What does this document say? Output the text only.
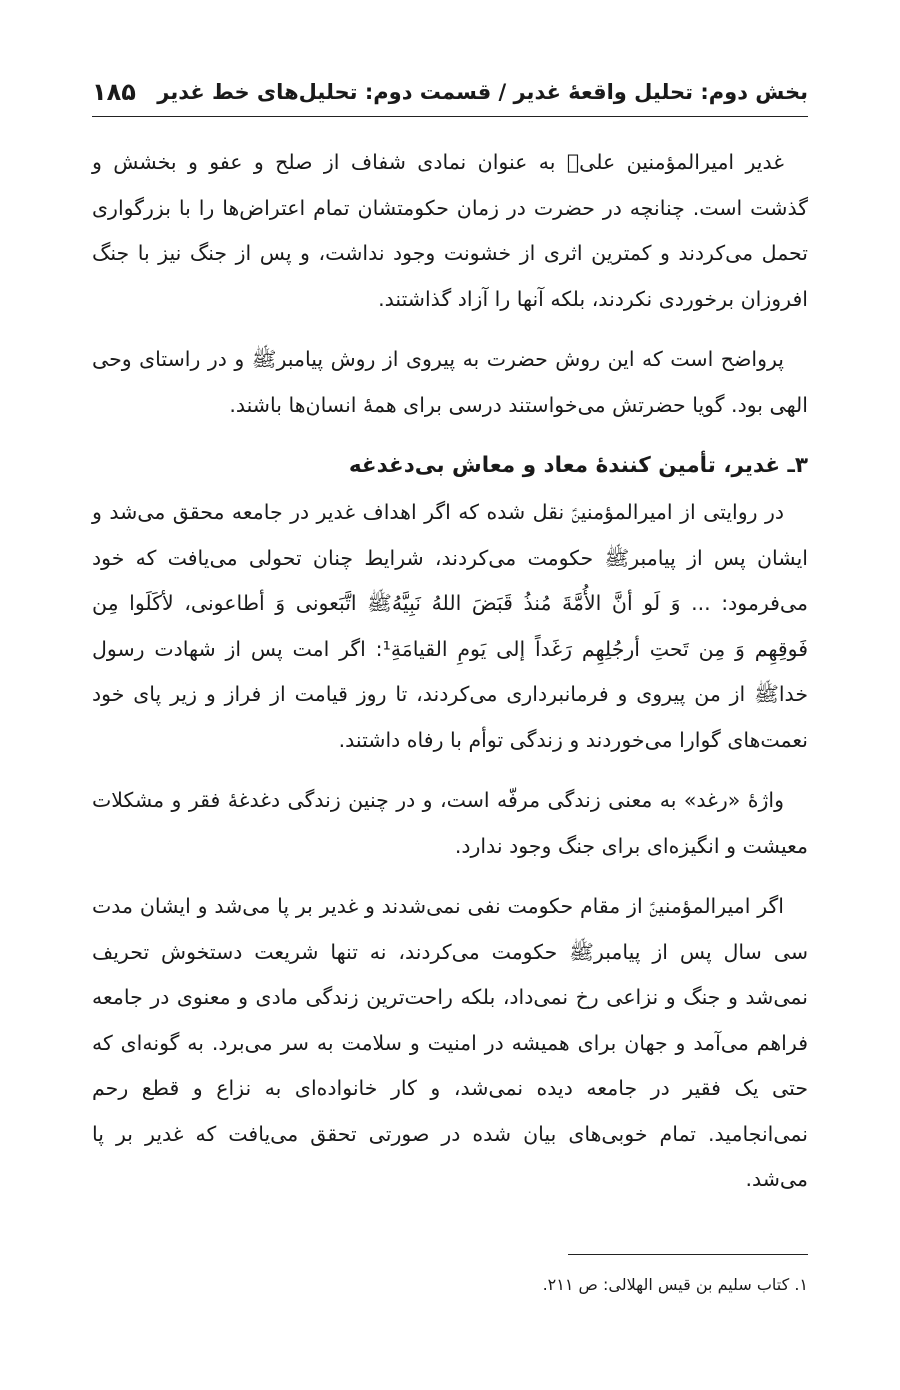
بخش دوم: تحلیل واقعهٔ غدیر / قسمت دوم: تحلیل‌های خط غدیر
۱۸۵

غدیر امیرالمؤمنین علیؑ به عنوان نمادی شفاف از صلح و عفو و بخشش و گذشت است. چنانچه در حضرت در زمان حکومتشان تمام اعتراض‌ها را با بزرگواری تحمل می‌کردند و کمترین اثری از خشونت وجود نداشت، و پس از جنگ نیز با جنگ افروزان برخوردی نکردند، بلکه آنها را آزاد گذاشتند.

پرواضح است که این روش حضرت به پیروی از روش پیامبرﷺ و در راستای وحی الهی بود. گویا حضرتش می‌خواستند درسی برای همهٔ انسان‌ها باشند.

۳ـ غدیر، تأمین کنندهٔ معاد و معاش بی‌دغدغه

در روایتی از امیرالمؤمنینؑ نقل شده که اگر اهداف غدیر در جامعه محقق می‌شد و ایشان پس از پیامبرﷺ حکومت می‌کردند، شرایط چنان تحولی می‌یافت که خود می‌فرمود: ... وَ لَو أنَّ الأُمَّةَ مُنذُ قَبَضَ اللهُ نَبِیَّهُﷺ اتَّبَعونی وَ أطاعونی، لأکَلَوا مِن فَوقِهِم وَ مِن تَحتِ أرجُلِهِم رَغَداً إلی یَومِ القیامَةِ¹: اگر امت پس از شهادت رسول خداﷺ از من پیروی و فرمانبرداری می‌کردند، تا روز قیامت از فراز و زیر پای خود نعمت‌های گوارا می‌خوردند و زندگی توأم با رفاه داشتند.

واژهٔ «رغد» به معنی زندگی مرفّه است، و در چنین زندگی دغدغهٔ فقر و مشکلات معیشت و انگیزه‌ای برای جنگ وجود ندارد.

اگر امیرالمؤمنینؑ از مقام حکومت نفی نمی‌شدند و غدیر بر پا می‌شد و ایشان مدت سی سال پس از پیامبرﷺ حکومت می‌کردند، نه تنها شریعت دستخوش تحریف نمی‌شد و جنگ و نزاعی رخ نمی‌داد، بلکه راحت‌ترین زندگی مادی و معنوی در جامعه فراهم می‌آمد و جهان برای همیشه در امنیت و سلامت به سر می‌برد. به گونه‌ای که حتی یک فقیر در جامعه دیده نمی‌شد، و کار خانواده‌ای به نزاع و قطع رحم نمی‌انجامید. تمام خوبی‌های بیان شده در صورتی تحقق می‌یافت که غدیر بر پا می‌شد.

۱. کتاب سلیم بن قیس الهلالی: ص ۲۱۱.
